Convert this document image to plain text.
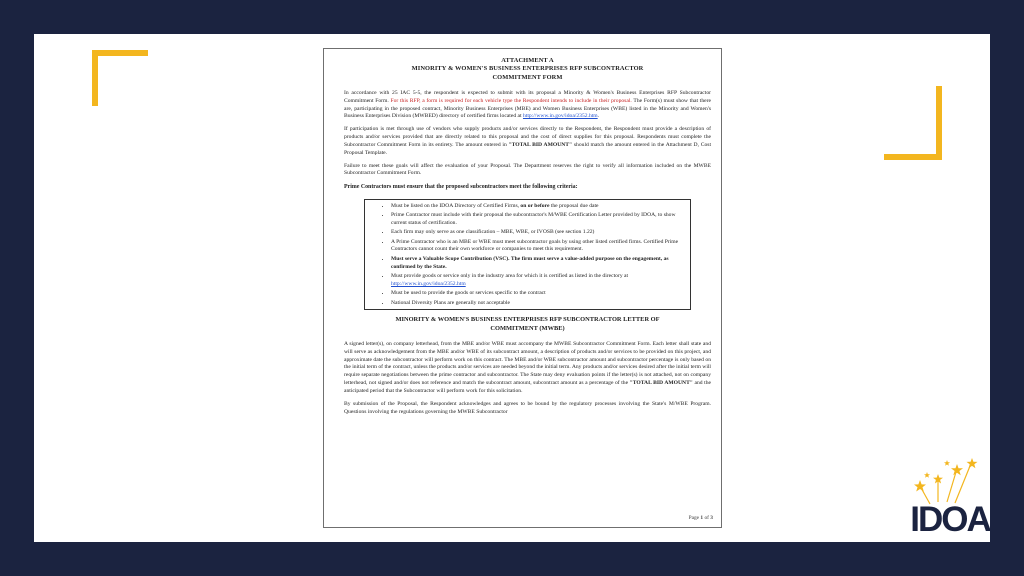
ATTACHMENT A
MINORITY & WOMEN'S BUSINESS ENTERPRISES RFP SUBCONTRACTOR
COMMITMENT FORM

In accordance with 25 IAC 5-5, the respondent is expected to submit with its proposal a Minority & Women's Business Enterprises RFP Subcontractor Commitment Form. For this RFP, a form is required for each vehicle type the Respondent intends to include in their proposal. The Form(s) must show that there are, participating in the proposed contract, Minority Business Enterprises (MBE) and Women Business Enterprises (WBE) listed in the Minority and Women's Business Enterprises Division (MWBED) directory of certified firms located at http://www.in.gov/idoa/2352.htm.

If participation is met through use of vendors who supply products and/or services directly to the Respondent, the Respondent must provide a description of products and/or services provided that are directly related to this proposal and the cost of direct supplies for this proposal. Respondents must complete the Subcontractor Commitment Form in its entirety. The amount entered in "TOTAL BID AMOUNT" should match the amount entered in the Attachment D, Cost Proposal Template.

Failure to meet these goals will affect the evaluation of your Proposal. The Department reserves the right to verify all information included on the MWBE Subcontractor Commitment Form.

Prime Contractors must ensure that the proposed subcontractors meet the following criteria:
• Must be listed on the IDOA Directory of Certified Firms, on or before the proposal due date
• Prime Contractor must include with their proposal the subcontractor's M/WBE Certification Letter provided by IDOA, to show current status of certification.
• Each firm may only serve as one classification – MBE, WBE, or IVOSB (see section 1.22)
• A Prime Contractor who is an MBE or WBE must meet subcontractor goals by using other listed certified firms. Certified Prime Contractors cannot count their own workforce or companies to meet this requirement.
• Must serve a Valuable Scope Contribution (VSC). The firm must serve a value-added purpose on the engagement, as confirmed by the State.
• Must provide goods or service only in the industry area for which it is certified as listed in the directory at http://www.in.gov/idoa/2352.htm
• Must be used to provide the goods or services specific to the contract
• National Diversity Plans are generally not acceptable
MINORITY & WOMEN'S BUSINESS ENTERPRISES RFP SUBCONTRACTOR LETTER OF
COMMITMENT (MWBE)

A signed letter(s), on company letterhead, from the MBE and/or WBE must accompany the MWBE Subcontractor Commitment Form. Each letter shall state and will serve as acknowledgement from the MBE and/or WBE of its subcontract amount, a description of products and/or services to be provided on this project, and approximate date the subcontractor will perform work on this contract. The MBE and/or WBE subcontractor amount and subcontractor percentage is only based on the initial term of the contract, unless the products and/or services are needed beyond the initial term. Any products and/or services desired after the initial term will require separate negotiations between the prime contractor and subcontractor. The State may deny evaluation points if the letter(s) is not attached, not on company letterhead, not signed and/or does not reference and match the subcontract amount, subcontract amount as a percentage of the "TOTAL BID AMOUNT" and the anticipated period that the Subcontractor will perform work for this solicitation.

By submission of the Proposal, the Respondent acknowledges and agrees to be bound by the regulatory processes involving the State's M/WBE Program. Questions involving the regulations governing the MWBE Subcontractor

Page 1 of 3	IDOA
